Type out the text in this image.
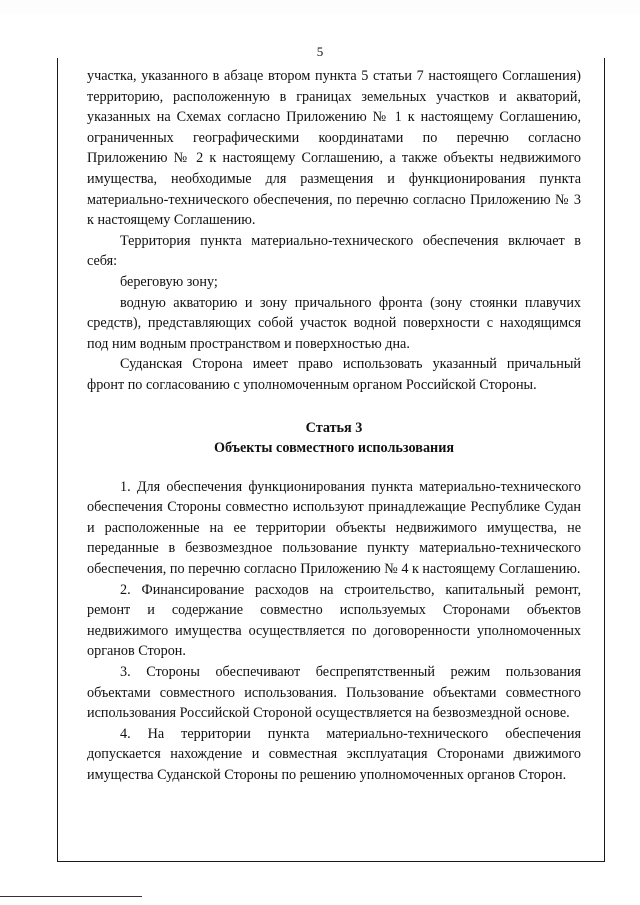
5

участка, указанного в абзаце втором пункта 5 статьи 7 настоящего Соглашения) территорию, расположенную в границах земельных участков и акваторий, указанных на Схемах согласно Приложению № 1 к настоящему Соглашению, ограниченных географическими координатами по перечню согласно Приложению № 2 к настоящему Соглашению, а также объекты недвижимого имущества, необходимые для размещения и функционирования пункта материально-технического обеспечения, по перечню согласно Приложению № 3 к настоящему Соглашению.

Территория пункта материально-технического обеспечения включает в себя:

береговую зону;

водную акваторию и зону причального фронта (зону стоянки плавучих средств), представляющих собой участок водной поверхности с находящимся под ним водным пространством и поверхностью дна.

Суданская Сторона имеет право использовать указанный причальный фронт по согласованию с уполномоченным органом Российской Стороны.

Статья 3

Объекты совместного использования

1. Для обеспечения функционирования пункта материально-технического обеспечения Стороны совместно используют принадлежащие Республике Судан и расположенные на ее территории объекты недвижимого имущества, не переданные в безвозмездное пользование пункту материально-технического обеспечения, по перечню согласно Приложению № 4 к настоящему Соглашению.

2. Финансирование расходов на строительство, капитальный ремонт, ремонт и содержание совместно используемых Сторонами объектов недвижимого имущества осуществляется по договоренности уполномоченных органов Сторон.

3. Стороны обеспечивают беспрепятственный режим пользования объектами совместного использования. Пользование объектами совместного использования Российской Стороной осуществляется на безвозмездной основе.

4. На территории пункта материально-технического обеспечения допускается нахождение и совместная эксплуатация Сторонами движимого имущества Суданской Стороны по решению уполномоченных органов Сторон.
